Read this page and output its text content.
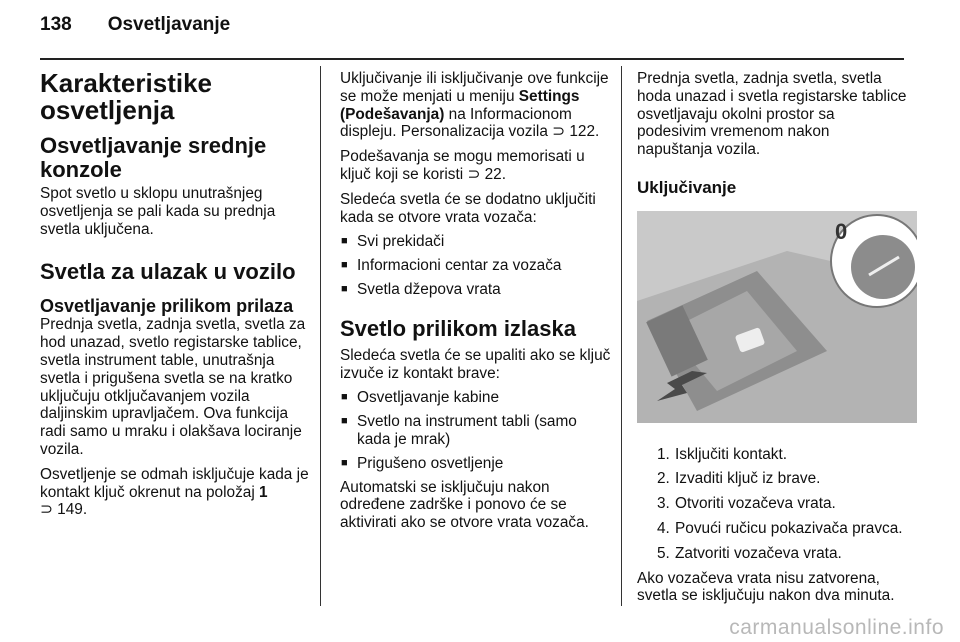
138 Osvetljavanje
Karakteristike osvetljenja
Osvetljavanje srednje konzole

Spot svetlo u sklopu unutrašnjeg osvetljenja se pali kada su prednja svetla uključena.

Svetla za ulazak u vozilo
Osvetljavanje prilikom prilaza

Prednja svetla, zadnja svetla, svetla za hod unazad, svetlo registarske tablice, svetla instrument table, unutrašnja svetla i prigušena svetla se na kratko uključuju otključavanjem vozila daljinskim upravljačem. Ova funkcija radi samo u mraku i olakšava lociranje vozila.

Osvetljenje se odmah isključuje kada je kontakt ključ okrenut na položaj 1
⊃ 149.

Uključivanje ili isključivanje ove funkcije se može menjati u meniju Settings (Podešavanja) na Informacionom displeju. Personalizacija vozila ⊃ 122.

Podešavanja se mogu memorisati u ključ koji se koristi ⊃ 22.

Sledeća svetla će se dodatno uključiti kada se otvore vrata vozača:

■ Svi prekidači
■ Informacioni centar za vozača
■ Svetla džepova vrata
Svetlo prilikom izlaska

Sledeća svetla će se upaliti ako se ključ izvuče iz kontakt brave:

■ Osvetljavanje kabine
■ Svetlo na instrument tabli (samo kada je mrak)
■ Prigušeno osvetljenje

Automatski se isključuju nakon određene zadrške i ponovo će se aktivirati ako se otvore vrata vozača.

Prednja svetla, zadnja svetla, svetla hoda unazad i svetla registarske tablice osvetljavaju okolni prostor sa podesivim vremenom nakon napuštanja vozila.

Uključivanje
0
1. Isključiti kontakt.
2. Izvaditi ključ iz brave.
3. Otvoriti vozačeva vrata.
4. Povući ručicu pokazivača pravca.
5. Zatvoriti vozačeva vrata.

Ako vozačeva vrata nisu zatvorena, svetla se isključuju nakon dva minuta.

carmanualsonline.info
